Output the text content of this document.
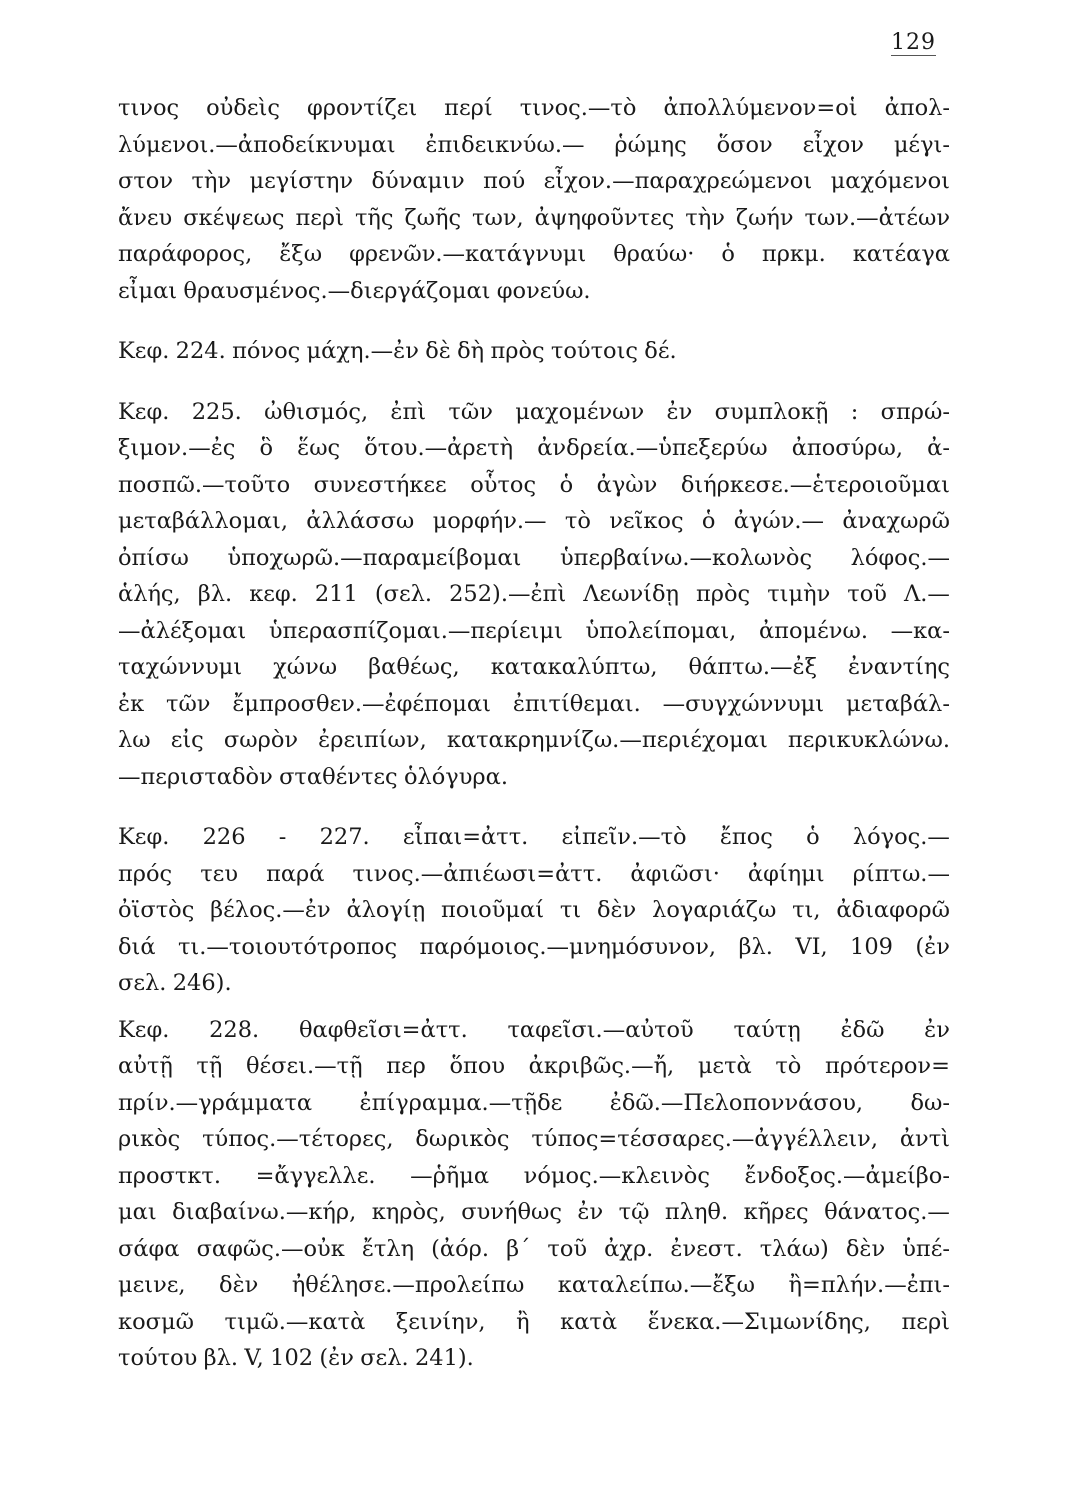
129
τινος οὐδεὶς φροντίζει περί τινος.—τὸ ἀπολλύμενον=οἱ ἀπολ-
λύμενοι.—ἀποδείκνυμαι ἐπιδεικνύω.— ῥώμης ὅσον εἶχον μέγι-
στον τὴν μεγίστην δύναμιν πού εἶχον.—παραχρεώμενοι μαχόμενοι
ἄνευ σκέψεως περὶ τῆς ζωῆς των, ἀψηφοῦντες τὴν ζωήν των.—ἀτέων
παράφορος, ἔξω φρενῶν.—κατάγνυμι θραύω· ὁ πρκμ. κατέαγα
εἶμαι θραυσμένος.—διεργάζομαι φονεύω.
Κεφ. 224. πόνος μάχη.—ἐν δὲ δὴ πρὸς τούτοις δέ.
Κεφ. 225. ὠθισμός, ἐπὶ τῶν μαχομένων ἐν συμπλοκῇ : σπρώ-
ξιμον.—ἐς ὃ ἕως ὅτου.—ἀρετὴ ἀνδρεία.—ὑπεξερύω ἀποσύρω, ἀ-
ποσπῶ.—τοῦτο συνεστήκεε οὗτος ὁ ἀγὼν διήρκεσε.—ἑτεροιοῦμαι
μεταβάλλομαι, ἀλλάσσω μορφήν.— τὸ νεῖκος ὁ ἀγών.— ἀναχωρῶ
ὀπίσω ὑποχωρῶ.—παραμείβομαι ὑπερβαίνω.—κολωνὸς λόφος.—
ἁλής, βλ. κεφ. 211 (σελ. 252).—ἐπὶ Λεωνίδῃ πρὸς τιμὴν τοῦ Λ.—
—ἀλέξομαι ὑπερασπίζομαι.—περίειμι ὑπολείπομαι, ἀπομένω. —κα-
ταχώννυμι χώνω βαθέως, κατακαλύπτω, θάπτω.—ἐξ ἐναντίης
ἐκ τῶν ἔμπροσθεν.—ἐφέπομαι ἐπιτίθεμαι. —συγχώννυμι μεταβάλ-
λω εἰς σωρὸν ἐρειπίων, κατακρημνίζω.—περιέχομαι περικυκλώνω.
—περισταδὸν σταθέντες ὁλόγυρα.
Κεφ. 226 - 227. εἶπαι=ἀττ. εἰπεῖν.—τὸ ἔπος ὁ λόγος.—
πρός τευ παρά τινος.—ἀπιέωσι=ἀττ. ἀφιῶσι· ἀφίημι ρίπτω.—
ὀϊστὸς βέλος.—ἐν ἀλογίῃ ποιοῦμαί τι δὲν λογαριάζω τι, ἀδιαφορῶ
διά τι.—τοιουτότροπος παρόμοιος.—μνημόσυνον, βλ. VI, 109 (ἐν
σελ. 246).
Κεφ. 228. θαφθεῖσι=ἀττ. ταφεῖσι.—αὐτοῦ ταύτῃ ἐδῶ ἐν
αὐτῇ τῇ θέσει.—τῇ περ ὅπου ἀκριβῶς.—ἤ, μετὰ τὸ πρότερον=
πρίν.—γράμματα ἐπίγραμμα.—τῇδε ἐδῶ.—Πελοποννάσου, δω-
ρικὸς τύπος.—τέτορες, δωρικὸς τύπος=τέσσαρες.—ἀγγέλλειν, ἀντὶ
προστκτ. =ἄγγελλε. —ῥῆμα νόμος.—κλεινὸς ἔνδοξος.—ἀμείβο-
μαι διαβαίνω.—κήρ, κηρὸς, συνήθως ἐν τῷ πληθ. κῆρες θάνατος.—
σάφα σαφῶς.—οὐκ ἔτλη (ἀόρ. β΄ τοῦ ἀχρ. ἐνεστ. τλάω) δὲν ὑπέ-
μεινε, δὲν ἠθέλησε.—προλείπω καταλείπω.—ἔξω ἢ=πλήν.—ἐπι-
κοσμῶ τιμῶ.—κατὰ ξεινίην, ἢ κατὰ ἕνεκα.—Σιμωνίδης, περὶ
τούτου βλ. V, 102 (ἐν σελ. 241).
